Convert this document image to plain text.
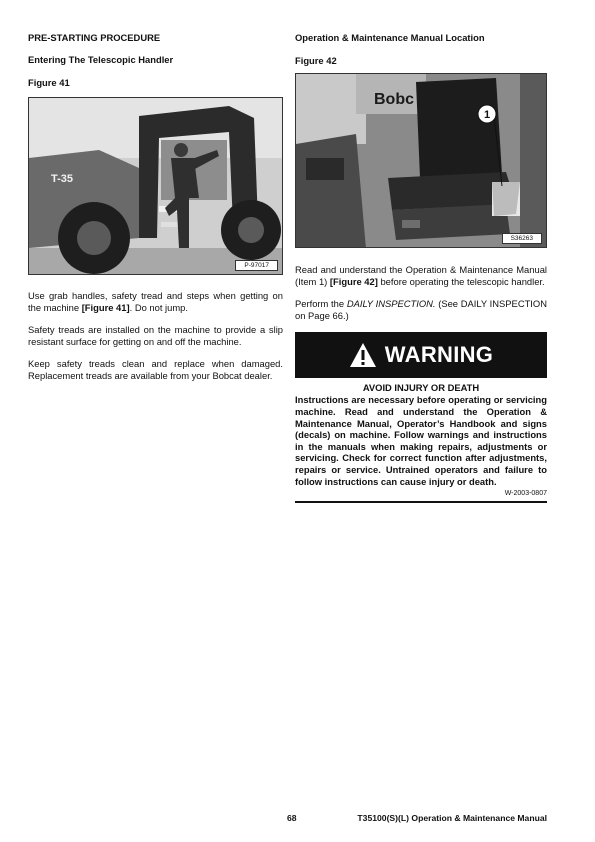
PRE-STARTING PROCEDURE
Entering The Telescopic Handler
Figure 41
T-35
P-97017
Use grab handles, safety tread and steps when getting on the machine [Figure 41]. Do not jump.
Safety treads are installed on the machine to provide a slip resistant surface for getting on and off the machine.
Keep safety treads clean and replace when damaged. Replacement treads are available from your Bobcat dealer.
Operation & Maintenance Manual Location
Figure 42
Bobc
1
S36263
Read and understand the Operation & Maintenance Manual (Item 1) [Figure 42] before operating the telescopic handler.
Perform the DAILY INSPECTION. (See DAILY INSPECTION on Page 66.)
WARNING
AVOID INJURY OR DEATH
Instructions are necessary before operating or servicing machine. Read and understand the Operation & Maintenance Manual, Operator’s Handbook and signs (decals) on machine. Follow warnings and instructions in the manuals when making repairs, adjustments or servicing. Check for correct function after adjustments, repairs or service. Untrained operators and failure to follow instructions can cause injury or death.
W-2003-0807
68	T35100(S)(L) Operation & Maintenance Manual
